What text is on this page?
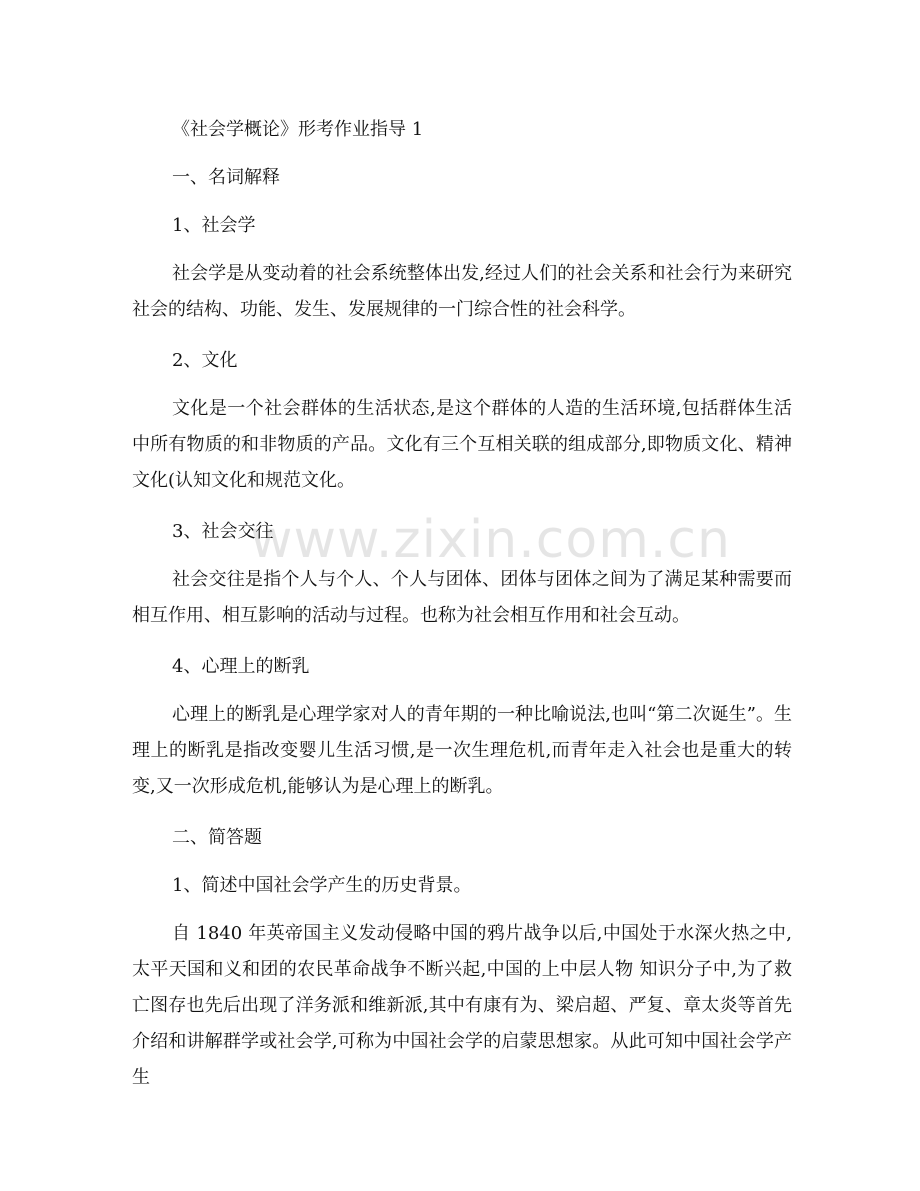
《社会学概论》形考作业指导 1
一、名词解释
1、社会学
社会学是从变动着的社会系统整体出发,经过人们的社会关系和社会行为来研究社会的结构、功能、发生、发展规律的一门综合性的社会科学。
2、文化
文化是一个社会群体的生活状态,是这个群体的人造的生活环境,包括群体生活中所有物质的和非物质的产品。文化有三个互相关联的组成部分,即物质文化、精神文化(认知文化和规范文化。
3、社会交往
社会交往是指个人与个人、个人与团体、团体与团体之间为了满足某种需要而相互作用、相互影响的活动与过程。也称为社会相互作用和社会互动。
4、心理上的断乳
心理上的断乳是心理学家对人的青年期的一种比喻说法,也叫“第二次诞生”。生理上的断乳是指改变婴儿生活习惯,是一次生理危机,而青年走入社会也是重大的转变,又一次形成危机,能够认为是心理上的断乳。
二、简答题
1、简述中国社会学产生的历史背景。
自 1840 年英帝国主义发动侵略中国的鸦片战争以后,中国处于水深火热之中,太平天国和义和团的农民革命战争不断兴起,中国的上中层人物 知识分子中,为了救亡图存也先后出现了洋务派和维新派,其中有康有为、梁启超、严复、章太炎等首先介绍和讲解群学或社会学,可称为中国社会学的启蒙思想家。从此可知中国社会学产生
www.zixin.com.cn
